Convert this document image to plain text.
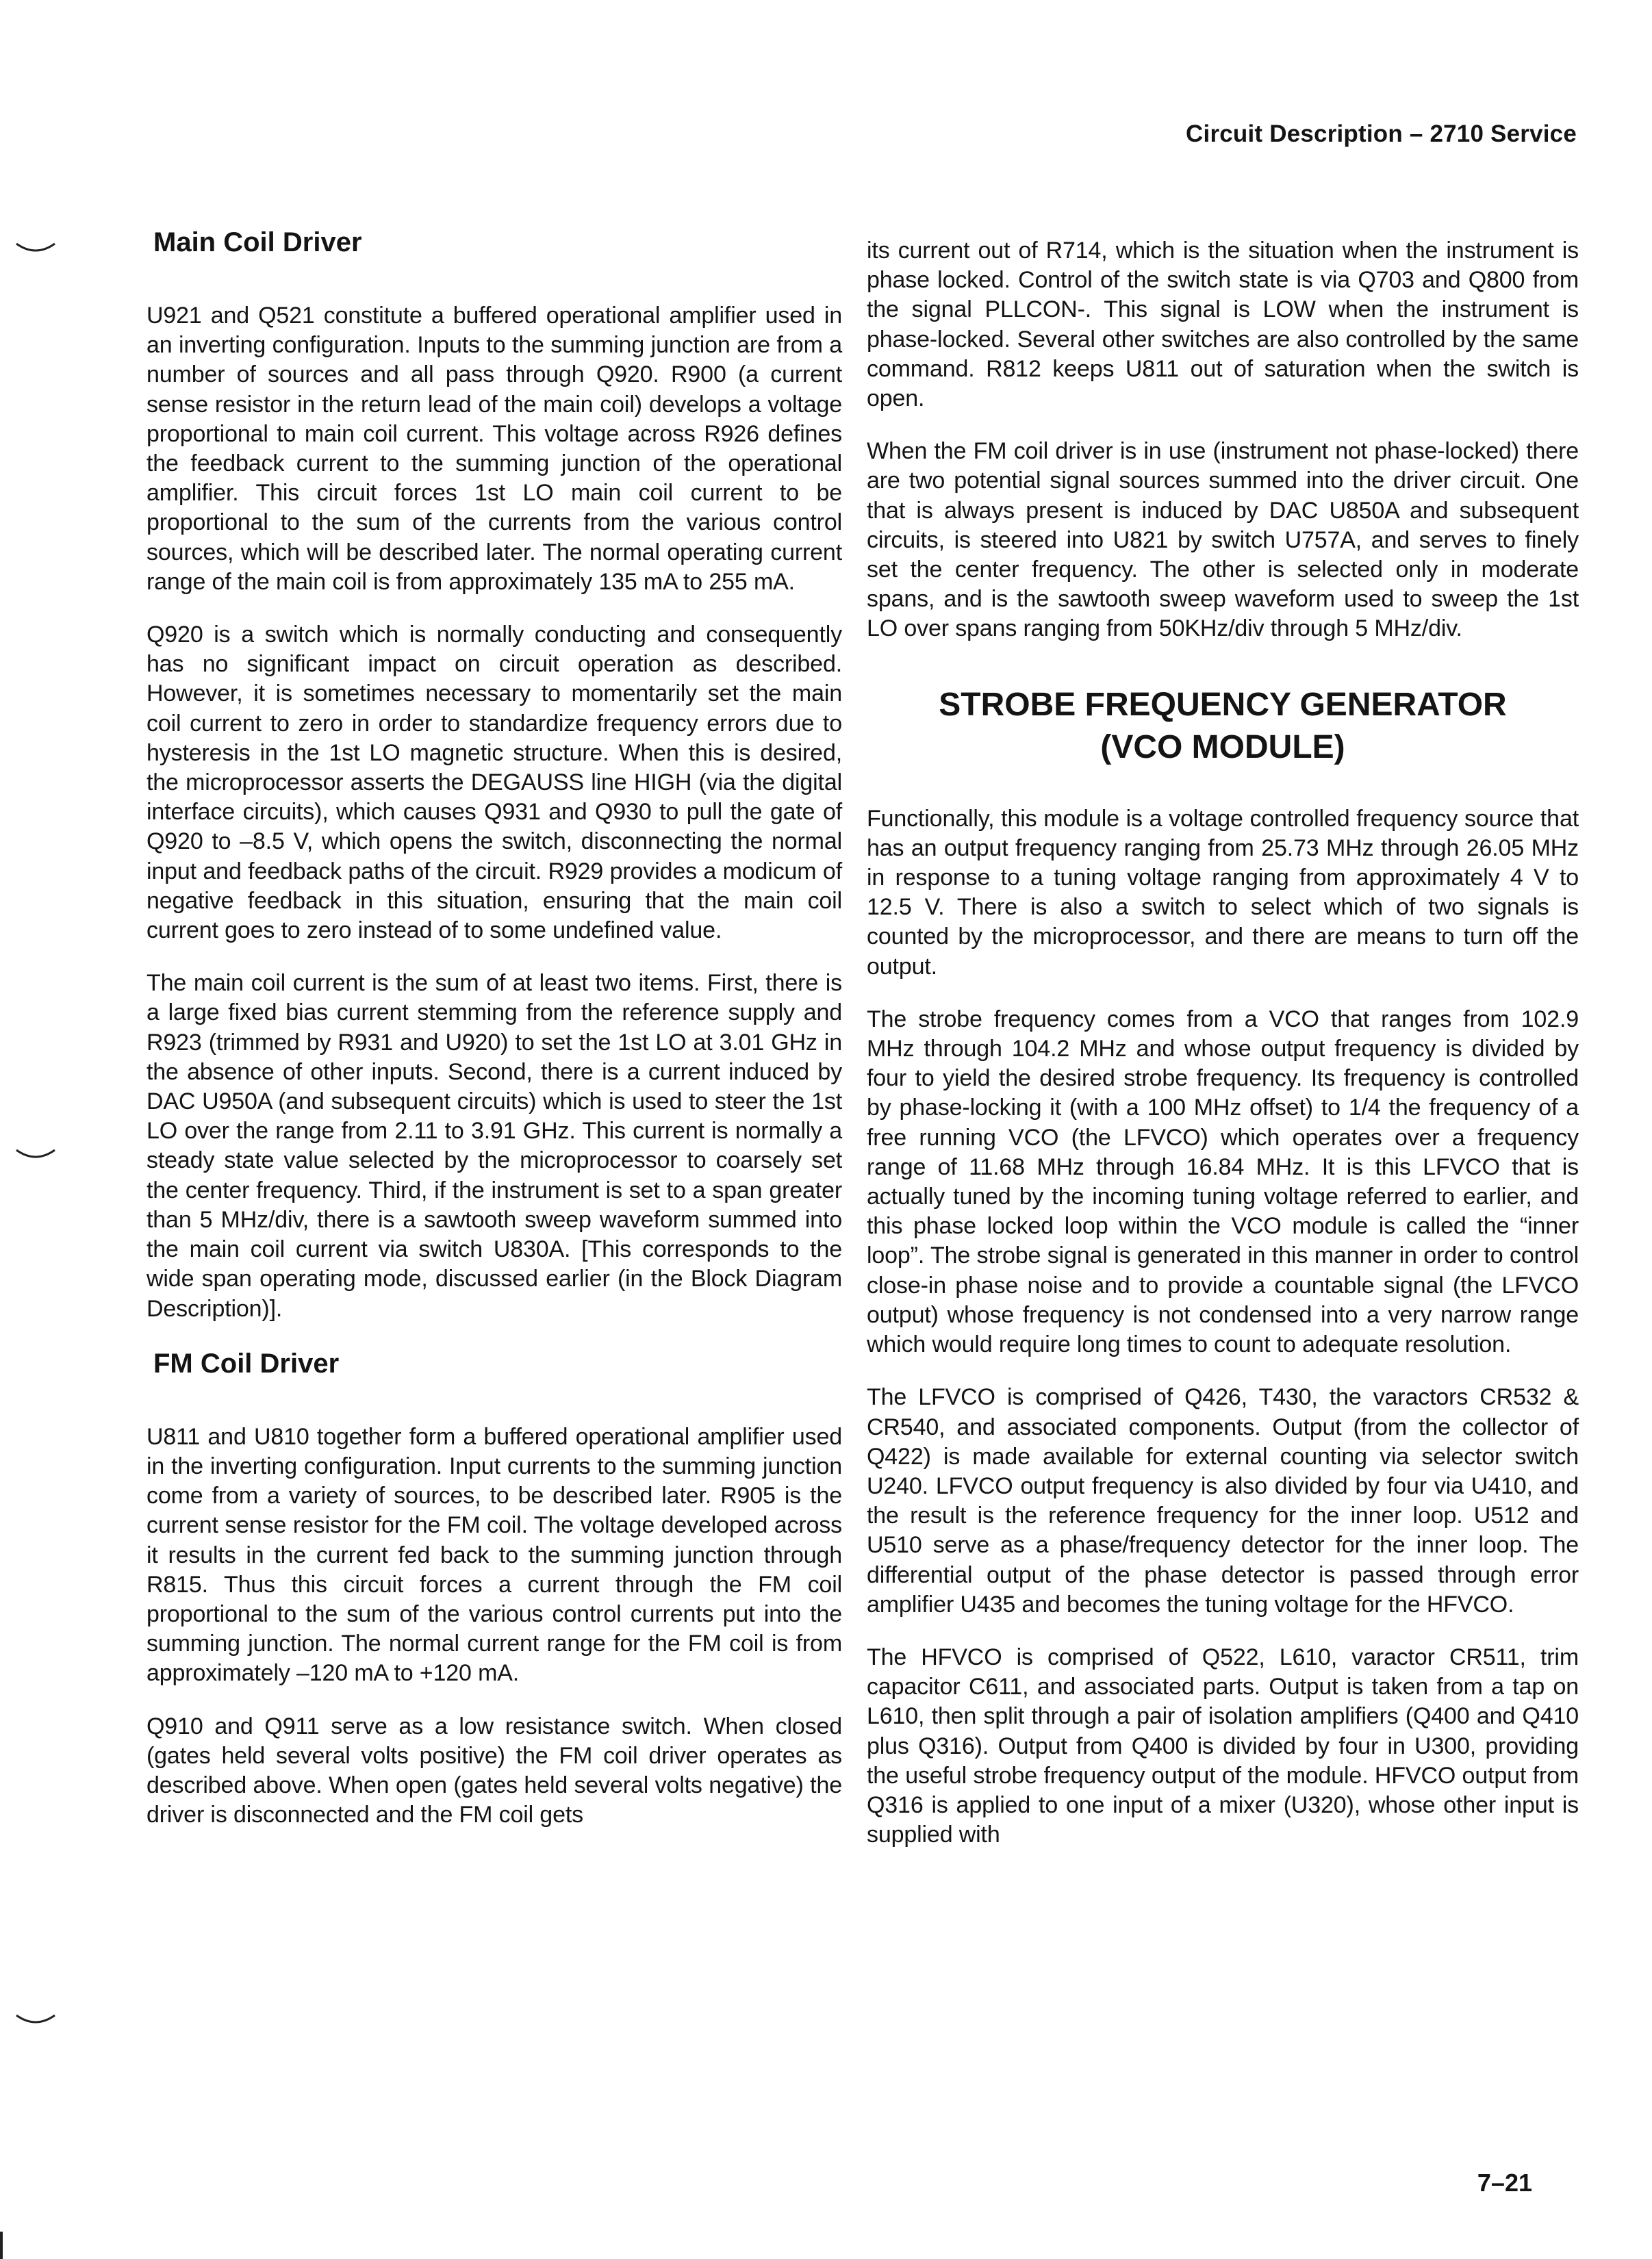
Circuit Description – 2710 Service
Main Coil Driver

U921 and Q521 constitute a buffered operational amplifier used in an inverting configuration. Inputs to the summing junction are from a number of sources and all pass through Q920. R900 (a current sense resistor in the return lead of the main coil) develops a voltage proportional to main coil current. This voltage across R926 defines the feedback current to the summing junction of the operational amplifier. This circuit forces 1st LO main coil current to be proportional to the sum of the currents from the various control sources, which will be described later. The normal operating current range of the main coil is from approximately 135 mA to 255 mA.

Q920 is a switch which is normally conducting and consequently has no significant impact on circuit operation as described. However, it is sometimes necessary to momentarily set the main coil current to zero in order to standardize frequency errors due to hysteresis in the 1st LO magnetic structure. When this is desired, the microprocessor asserts the DEGAUSS line HIGH (via the digital interface circuits), which causes Q931 and Q930 to pull the gate of Q920 to –8.5 V, which opens the switch, disconnecting the normal input and feedback paths of the circuit. R929 provides a modicum of negative feedback in this situation, ensuring that the main coil current goes to zero instead of to some undefined value.

The main coil current is the sum of at least two items. First, there is a large fixed bias current stemming from the reference supply and R923 (trimmed by R931 and U920) to set the 1st LO at 3.01 GHz in the absence of other inputs. Second, there is a current induced by DAC U950A (and subsequent circuits) which is used to steer the 1st LO over the range from 2.11 to 3.91 GHz. This current is normally a steady state value selected by the microprocessor to coarsely set the center frequency. Third, if the instrument is set to a span greater than 5 MHz/div, there is a sawtooth sweep waveform summed into the main coil current via switch U830A. [This corresponds to the wide span operating mode, discussed earlier (in the Block Diagram Description)].

FM Coil Driver

U811 and U810 together form a buffered operational amplifier used in the inverting configuration. Input currents to the summing junction come from a variety of sources, to be described later. R905 is the current sense resistor for the FM coil. The voltage developed across it results in the current fed back to the summing junction through R815. Thus this circuit forces a current through the FM coil proportional to the sum of the various control currents put into the summing junction. The normal current range for the FM coil is from approximately –120 mA to +120 mA.

Q910 and Q911 serve as a low resistance switch. When closed (gates held several volts positive) the FM coil driver operates as described above. When open (gates held several volts negative) the driver is disconnected and the FM coil gets

its current out of R714, which is the situation when the instrument is phase locked. Control of the switch state is via Q703 and Q800 from the signal PLLCON-. This signal is LOW when the instrument is phase-locked. Several other switches are also controlled by the same command. R812 keeps U811 out of saturation when the switch is open.

When the FM coil driver is in use (instrument not phase-locked) there are two potential signal sources summed into the driver circuit. One that is always present is induced by DAC U850A and subsequent circuits, is steered into U821 by switch U757A, and serves to finely set the center frequency. The other is selected only in moderate spans, and is the sawtooth sweep waveform used to sweep the 1st LO over spans ranging from 50KHz/div through 5 MHz/div.

STROBE FREQUENCY GENERATOR
(VCO MODULE)

Functionally, this module is a voltage controlled frequency source that has an output frequency ranging from 25.73 MHz through 26.05 MHz in response to a tuning voltage ranging from approximately 4 V to 12.5 V. There is also a switch to select which of two signals is counted by the microprocessor, and there are means to turn off the output.

The strobe frequency comes from a VCO that ranges from 102.9 MHz through 104.2 MHz and whose output frequency is divided by four to yield the desired strobe frequency. Its frequency is controlled by phase-locking it (with a 100 MHz offset) to 1/4 the frequency of a free running VCO (the LFVCO) which operates over a frequency range of 11.68 MHz through 16.84 MHz. It is this LFVCO that is actually tuned by the incoming tuning voltage referred to earlier, and this phase locked loop within the VCO module is called the “inner loop”. The strobe signal is generated in this manner in order to control close-in phase noise and to provide a countable signal (the LFVCO output) whose frequency is not condensed into a very narrow range which would require long times to count to adequate resolution.

The LFVCO is comprised of Q426, T430, the varactors CR532 & CR540, and associated components. Output (from the collector of Q422) is made available for external counting via selector switch U240. LFVCO output frequency is also divided by four via U410, and the result is the reference frequency for the inner loop. U512 and U510 serve as a phase/frequency detector for the inner loop. The differential output of the phase detector is passed through error amplifier U435 and becomes the tuning voltage for the HFVCO.

The HFVCO is comprised of Q522, L610, varactor CR511, trim capacitor C611, and associated parts. Output is taken from a tap on L610, then split through a pair of isolation amplifiers (Q400 and Q410 plus Q316). Output from Q400 is divided by four in U300, providing the useful strobe frequency output of the module. HFVCO output from Q316 is applied to one input of a mixer (U320), whose other input is supplied with

7–21
